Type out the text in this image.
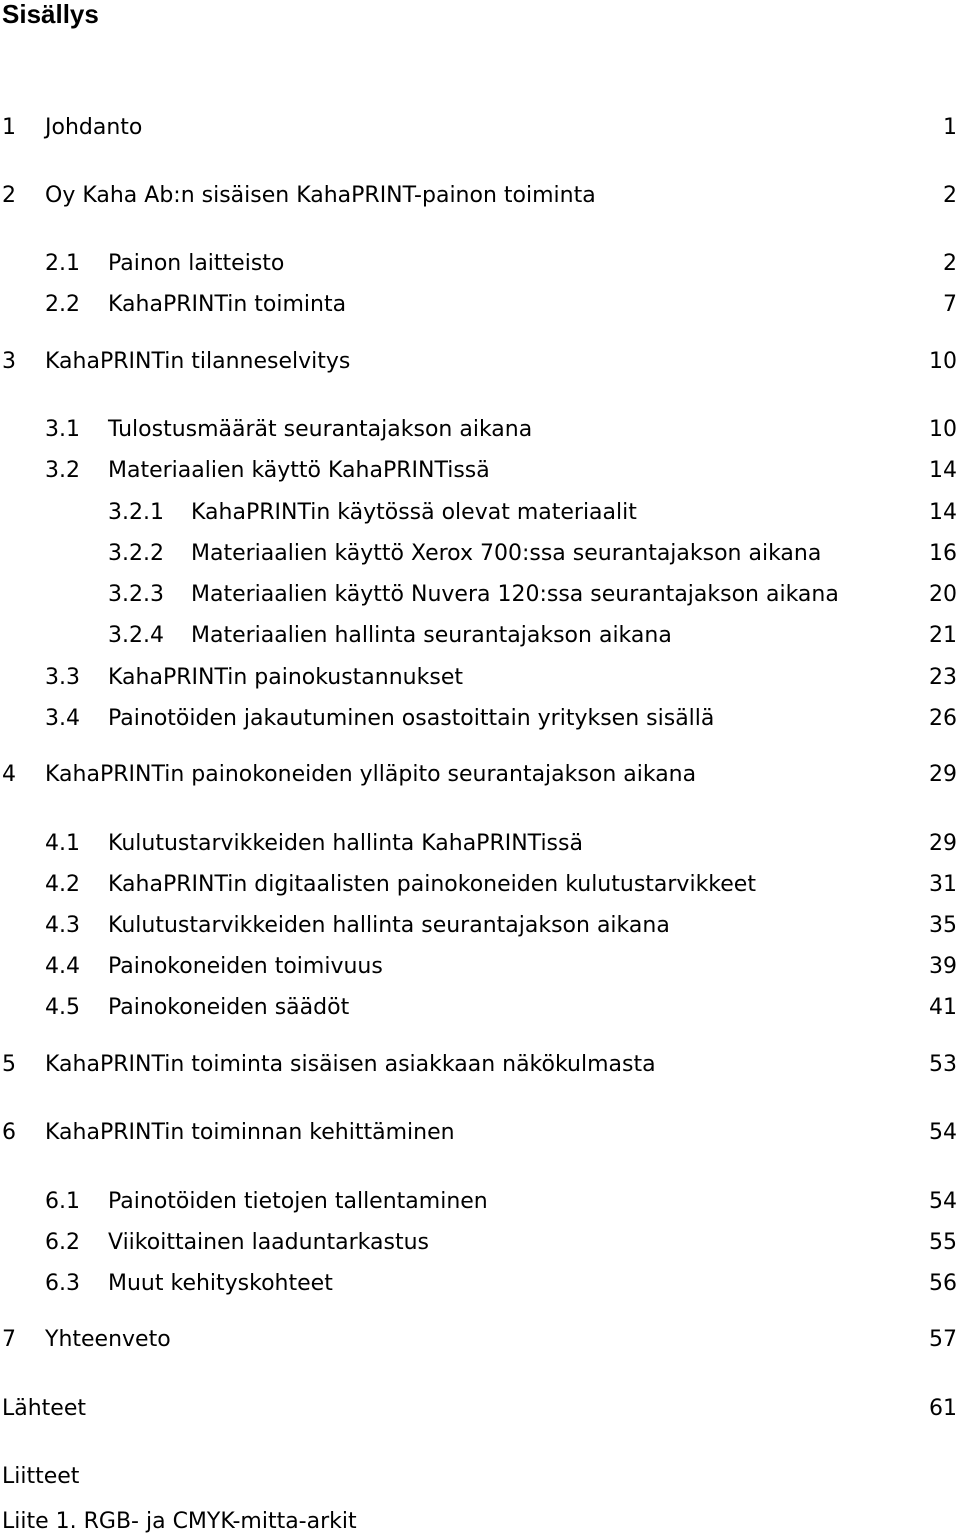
Sisällys
1 Johdanto	1
2 Oy Kaha Ab:n sisäisen KahaPRINT-painon toiminta	2
2.1 Painon laitteisto	2
2.2 KahaPRINTin toiminta	7
3 KahaPRINTin tilanneselvitys	10
3.1 Tulostusmäärät seurantajakson aikana	10
3.2 Materiaalien käyttö KahaPRINTissä	14
3.2.1 KahaPRINTin käytössä olevat materiaalit	14
3.2.2 Materiaalien käyttö Xerox 700:ssa seurantajakson aikana	16
3.2.3 Materiaalien käyttö Nuvera 120:ssa seurantajakson aikana	20
3.2.4 Materiaalien hallinta seurantajakson aikana	21
3.3 KahaPRINTin painokustannukset	23
3.4 Painotöiden jakautuminen osastoittain yrityksen sisällä	26
4 KahaPRINTin painokoneiden ylläpito seurantajakson aikana	29
4.1 Kulutustarvikkeiden hallinta KahaPRINTissä	29
4.2 KahaPRINTin digitaalisten painokoneiden kulutustarvikkeet	31
4.3 Kulutustarvikkeiden hallinta seurantajakson aikana	35
4.4 Painokoneiden toimivuus	39
4.5 Painokoneiden säädöt	41
5 KahaPRINTin toiminta sisäisen asiakkaan näkökulmasta	53
6 KahaPRINTin toiminnan kehittäminen	54
6.1 Painotöiden tietojen tallentaminen	54
6.2 Viikoittainen laaduntarkastus	55
6.3 Muut kehityskohteet	56
7 Yhteenveto	57
Lähteet	61
Liitteet
Liite 1. RGB- ja CMYK-mitta-arkit
